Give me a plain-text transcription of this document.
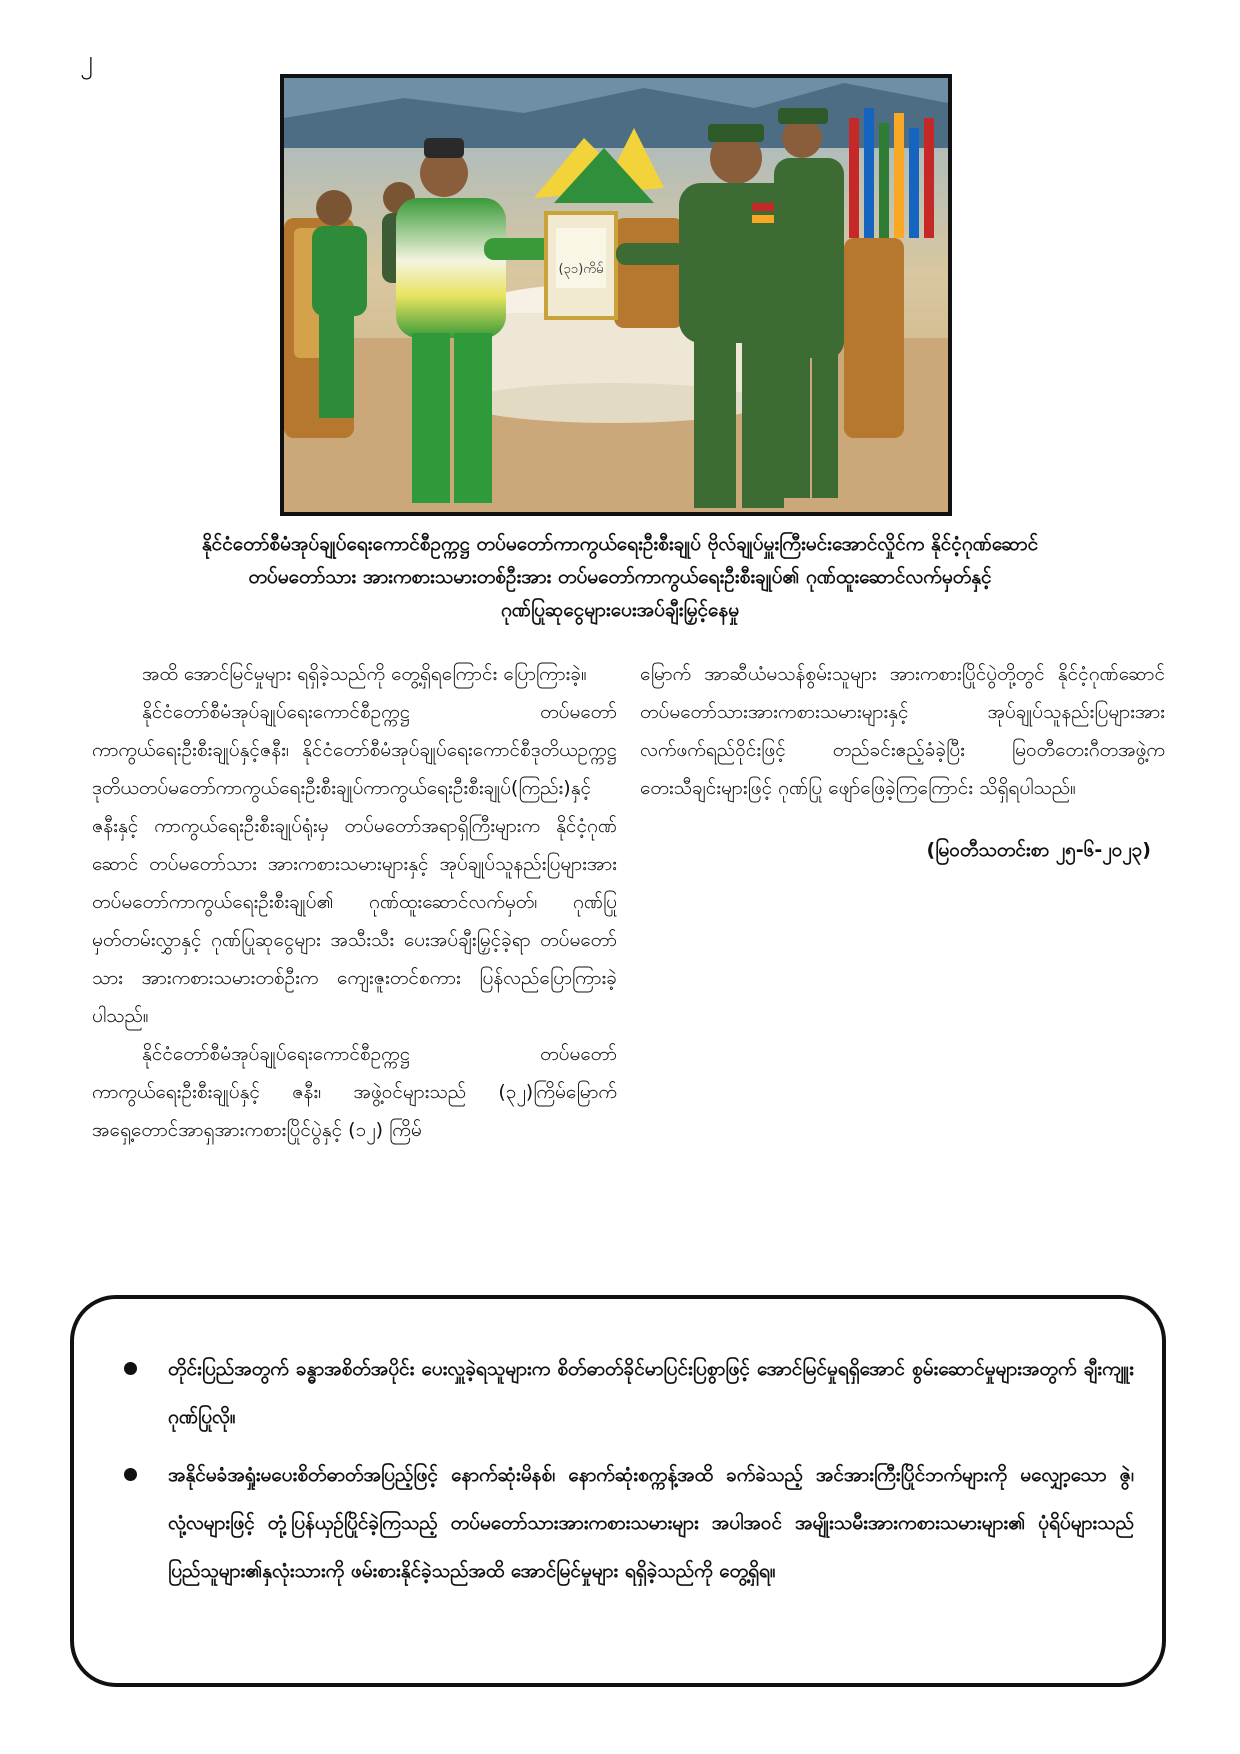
၂
(၃၁)ကိမ်
နိုင်ငံတော်စီမံအုပ်ချုပ်ရေးကောင်စီဥက္ကဋ္ဌ တပ်မတော်ကာကွယ်ရေးဦးစီးချုပ် ဗိုလ်ချုပ်မှူးကြီးမင်းအောင်လှိုင်က နိုင်ငံ့ဂုဏ်ဆောင်
တပ်မတော်သား အားကစားသမားတစ်ဦးအား တပ်မတော်ကာကွယ်ရေးဦးစီးချုပ်၏ ဂုဏ်ထူးဆောင်လက်မှတ်နှင့်
ဂုဏ်ပြုဆုငွေများပေးအပ်ချီးမြှင့်နေမှု

အထိ အောင်မြင်မှုများ ရရှိခဲ့သည်ကို တွေ့ရှိရကြောင်း ပြောကြားခဲ့။

နိုင်ငံတော်စီမံအုပ်ချုပ်ရေးကောင်စီဥက္ကဋ္ဌ တပ်မတော်ကာကွယ်ရေးဦးစီးချုပ်နှင့်ဇနီး၊ နိုင်ငံတော်စီမံအုပ်ချုပ်ရေးကောင်စီဒုတိယဥက္ကဋ္ဌ ဒုတိယတပ်မတော်ကာကွယ်ရေးဦးစီးချုပ်ကာကွယ်ရေးဦးစီးချုပ်(ကြည်း)နှင့်ဇနီးနှင့် ကာကွယ်ရေးဦးစီးချုပ်ရုံးမှ တပ်မတော်အရာရှိကြီးများက နိုင်ငံ့ဂုဏ်ဆောင် တပ်မတော်သား အားကစားသမားများနှင့် အုပ်ချုပ်သူနည်းပြများအား တပ်မတော်ကာကွယ်ရေးဦးစီးချုပ်၏ ဂုဏ်ထူးဆောင်လက်မှတ်၊ ဂုဏ်ပြုမှတ်တမ်းလွှာနှင့် ဂုဏ်ပြုဆုငွေများ အသီးသီး ပေးအပ်ချီးမြှင့်ခဲ့ရာ တပ်မတော်သား အားကစားသမားတစ်ဦးက ကျေးဇူးတင်စကား ပြန်လည်ပြောကြားခဲ့ပါသည်။

နိုင်ငံတော်စီမံအုပ်ချုပ်ရေးကောင်စီဥက္ကဋ္ဌ တပ်မတော်ကာကွယ်ရေးဦးစီးချုပ်နှင့် ဇနီး၊ အဖွဲ့ဝင်များသည် (၃၂)ကြိမ်မြောက် အရှေ့တောင်အာရှအားကစားပြိုင်ပွဲနှင့် (၁၂) ကြိမ်

မြောက် အာဆီယံမသန်စွမ်းသူများ အားကစားပြိုင်ပွဲတို့တွင် နိုင်ငံ့ဂုဏ်ဆောင် တပ်မတော်သားအားကစားသမားများနှင့် အုပ်ချုပ်သူနည်းပြများအား လက်ဖက်ရည်ဝိုင်းဖြင့် တည်ခင်းဧည့်ခံခဲ့ပြီး မြဝတီတေးဂီတအဖွဲ့က တေးသီချင်းများဖြင့် ဂုဏ်ပြု ဖျော်ဖြေခဲ့ကြကြောင်း သိရှိရပါသည်။

(မြဝတီသတင်းစာ ၂၅-၆-၂၀၂၃)

တိုင်းပြည်အတွက် ခန္ဓာအစိတ်အပိုင်း ပေးလှူခဲ့ရသူများက စိတ်ဓာတ်ခိုင်မာပြင်းပြစွာဖြင့် အောင်မြင်မှုရရှိအောင် စွမ်းဆောင်မှုများအတွက် ချီးကျူးဂုဏ်ပြုလို။
အနိုင်မခံအရှုံးမပေးစိတ်ဓာတ်အပြည့်ဖြင့် နောက်ဆုံးမိနစ်၊ နောက်ဆုံးစက္ကန့်အထိ ခက်ခဲသည့် အင်အားကြီးပြိုင်ဘက်များကို မလျှော့သော ဇွဲ၊ လုံ့လများဖြင့် တုံ့ပြန်ယှဉ်ပြိုင်ခဲ့ကြသည့် တပ်မတော်သားအားကစားသမားများ အပါအဝင် အမျိုးသမီးအားကစားသမားများ၏ ပုံရိပ်များသည် ပြည်သူများ၏နှလုံးသားကို ဖမ်းစားနိုင်ခဲ့သည်အထိ အောင်မြင်မှုများ ရရှိခဲ့သည်ကို တွေ့ရှိရ။
